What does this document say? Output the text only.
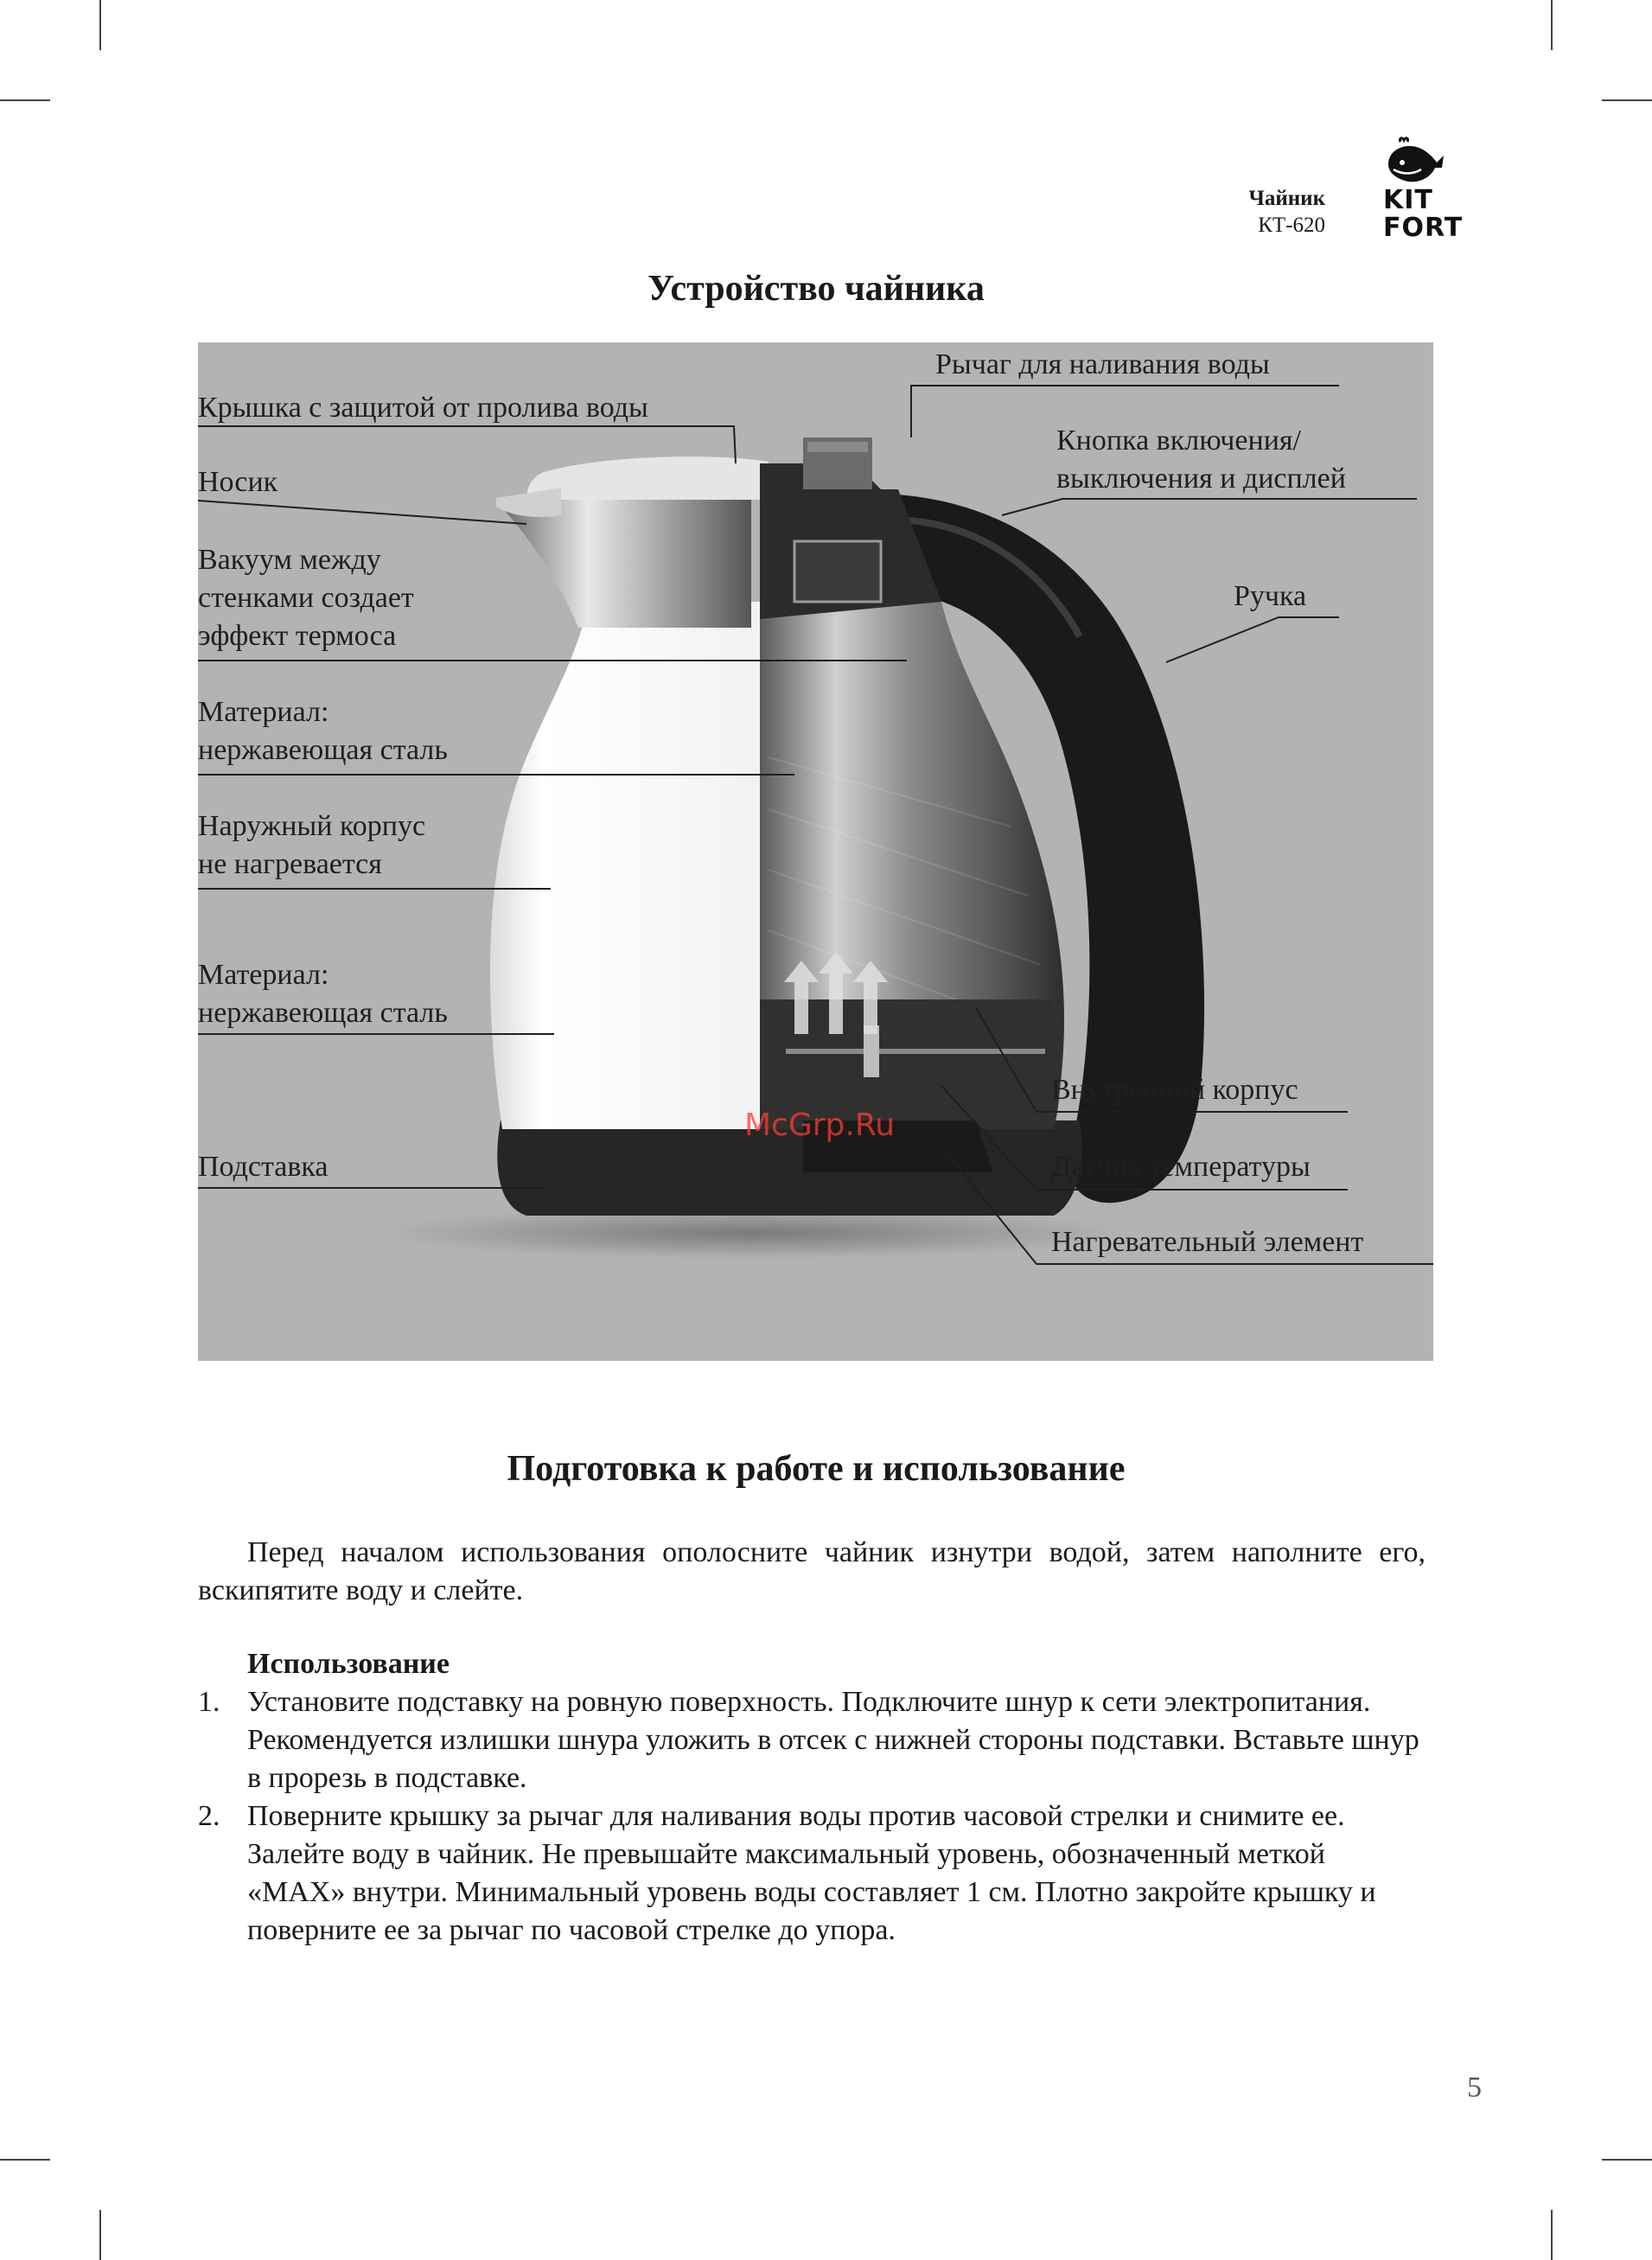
Чайник
КТ-620
KIT
FORT
Устройство чайника
Крышка с защитой от пролива воды
Носик
Вакуум между
стенками создает
эффект термоса
Материал:
нержавеющая сталь
Наружный корпус
не нагревается
Материал:
нержавеющая сталь
Подставка
Рычаг для наливания воды
Кнопка включения/
выключения и дисплей
Ручка
Внутренний корпус
Датчик температуры
Нагревательный элемент
McGrp.Ru
Подготовка к работе и использование

Перед началом использования ополосните чайник изнутри водой, затем наполните его, вскипятите воду и слейте.

Использование
1. Установите подставку на ровную поверхность. Подключите шнур к сети электропитания. Рекомендуется излишки шнура уложить в отсек с нижней стороны подставки. Вставьте шнур в прорезь в подставке.
2. Поверните крышку за рычаг для наливания воды против часовой стрелки и снимите ее. Залейте воду в чайник. Не превышайте максимальный уровень, обозначенный меткой «MAX» внутри. Минимальный уровень воды составляет 1 см. Плотно закройте крышку и поверните ее за рычаг по часовой стрелке до упора.
5
